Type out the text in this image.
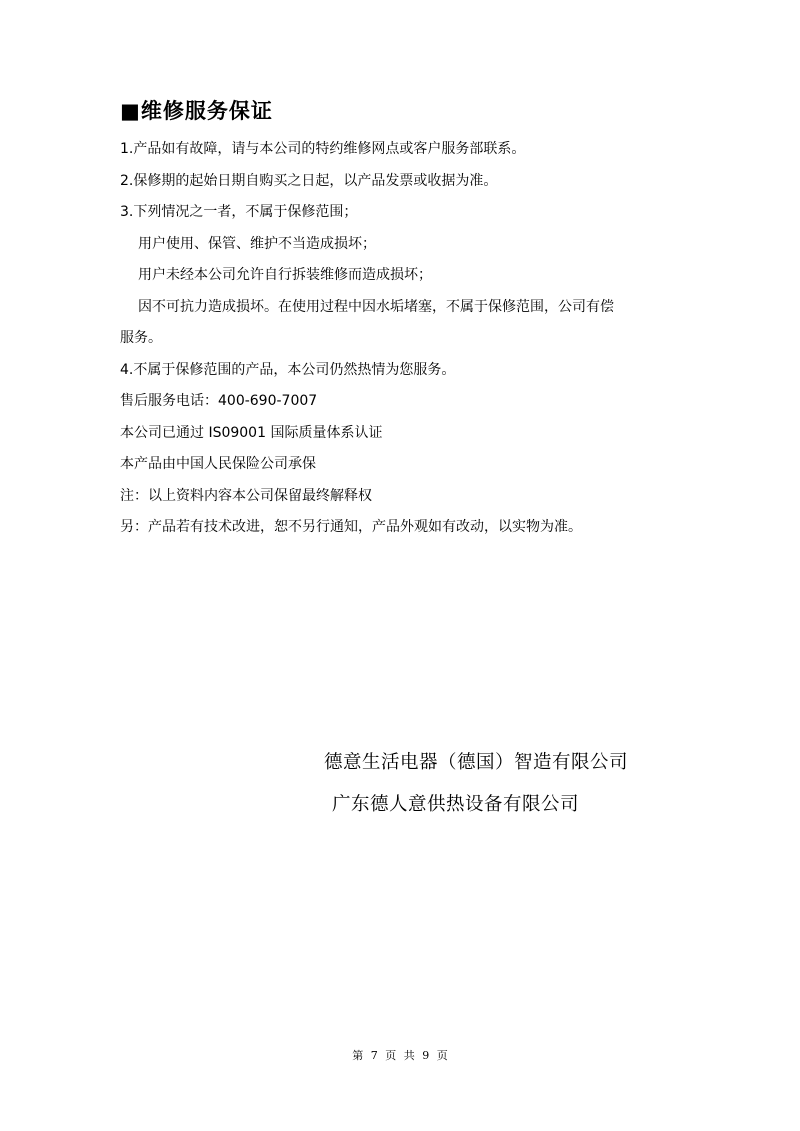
■维修服务保证
1.产品如有故障，请与本公司的特约维修网点或客户服务部联系。
2.保修期的起始日期自购买之日起，以产品发票或收据为准。
3.下列情况之一者，不属于保修范围；
用户使用、保管、维护不当造成损坏；
用户未经本公司允许自行拆装维修而造成损坏；
因不可抗力造成损坏。在使用过程中因水垢堵塞，不属于保修范围，公司有偿
服务。
4.不属于保修范围的产品，本公司仍然热情为您服务。
售后服务电话：400-690-7007
本公司已通过 IS09001 国际质量体系认证
本产品由中国人民保险公司承保
注：以上资料内容本公司保留最终解释权
另：产品若有技术改进，恕不另行通知，产品外观如有改动，以实物为准。
德意生活电器（德国）智造有限公司
广东德人意供热设备有限公司
第 7 页 共 9 页
